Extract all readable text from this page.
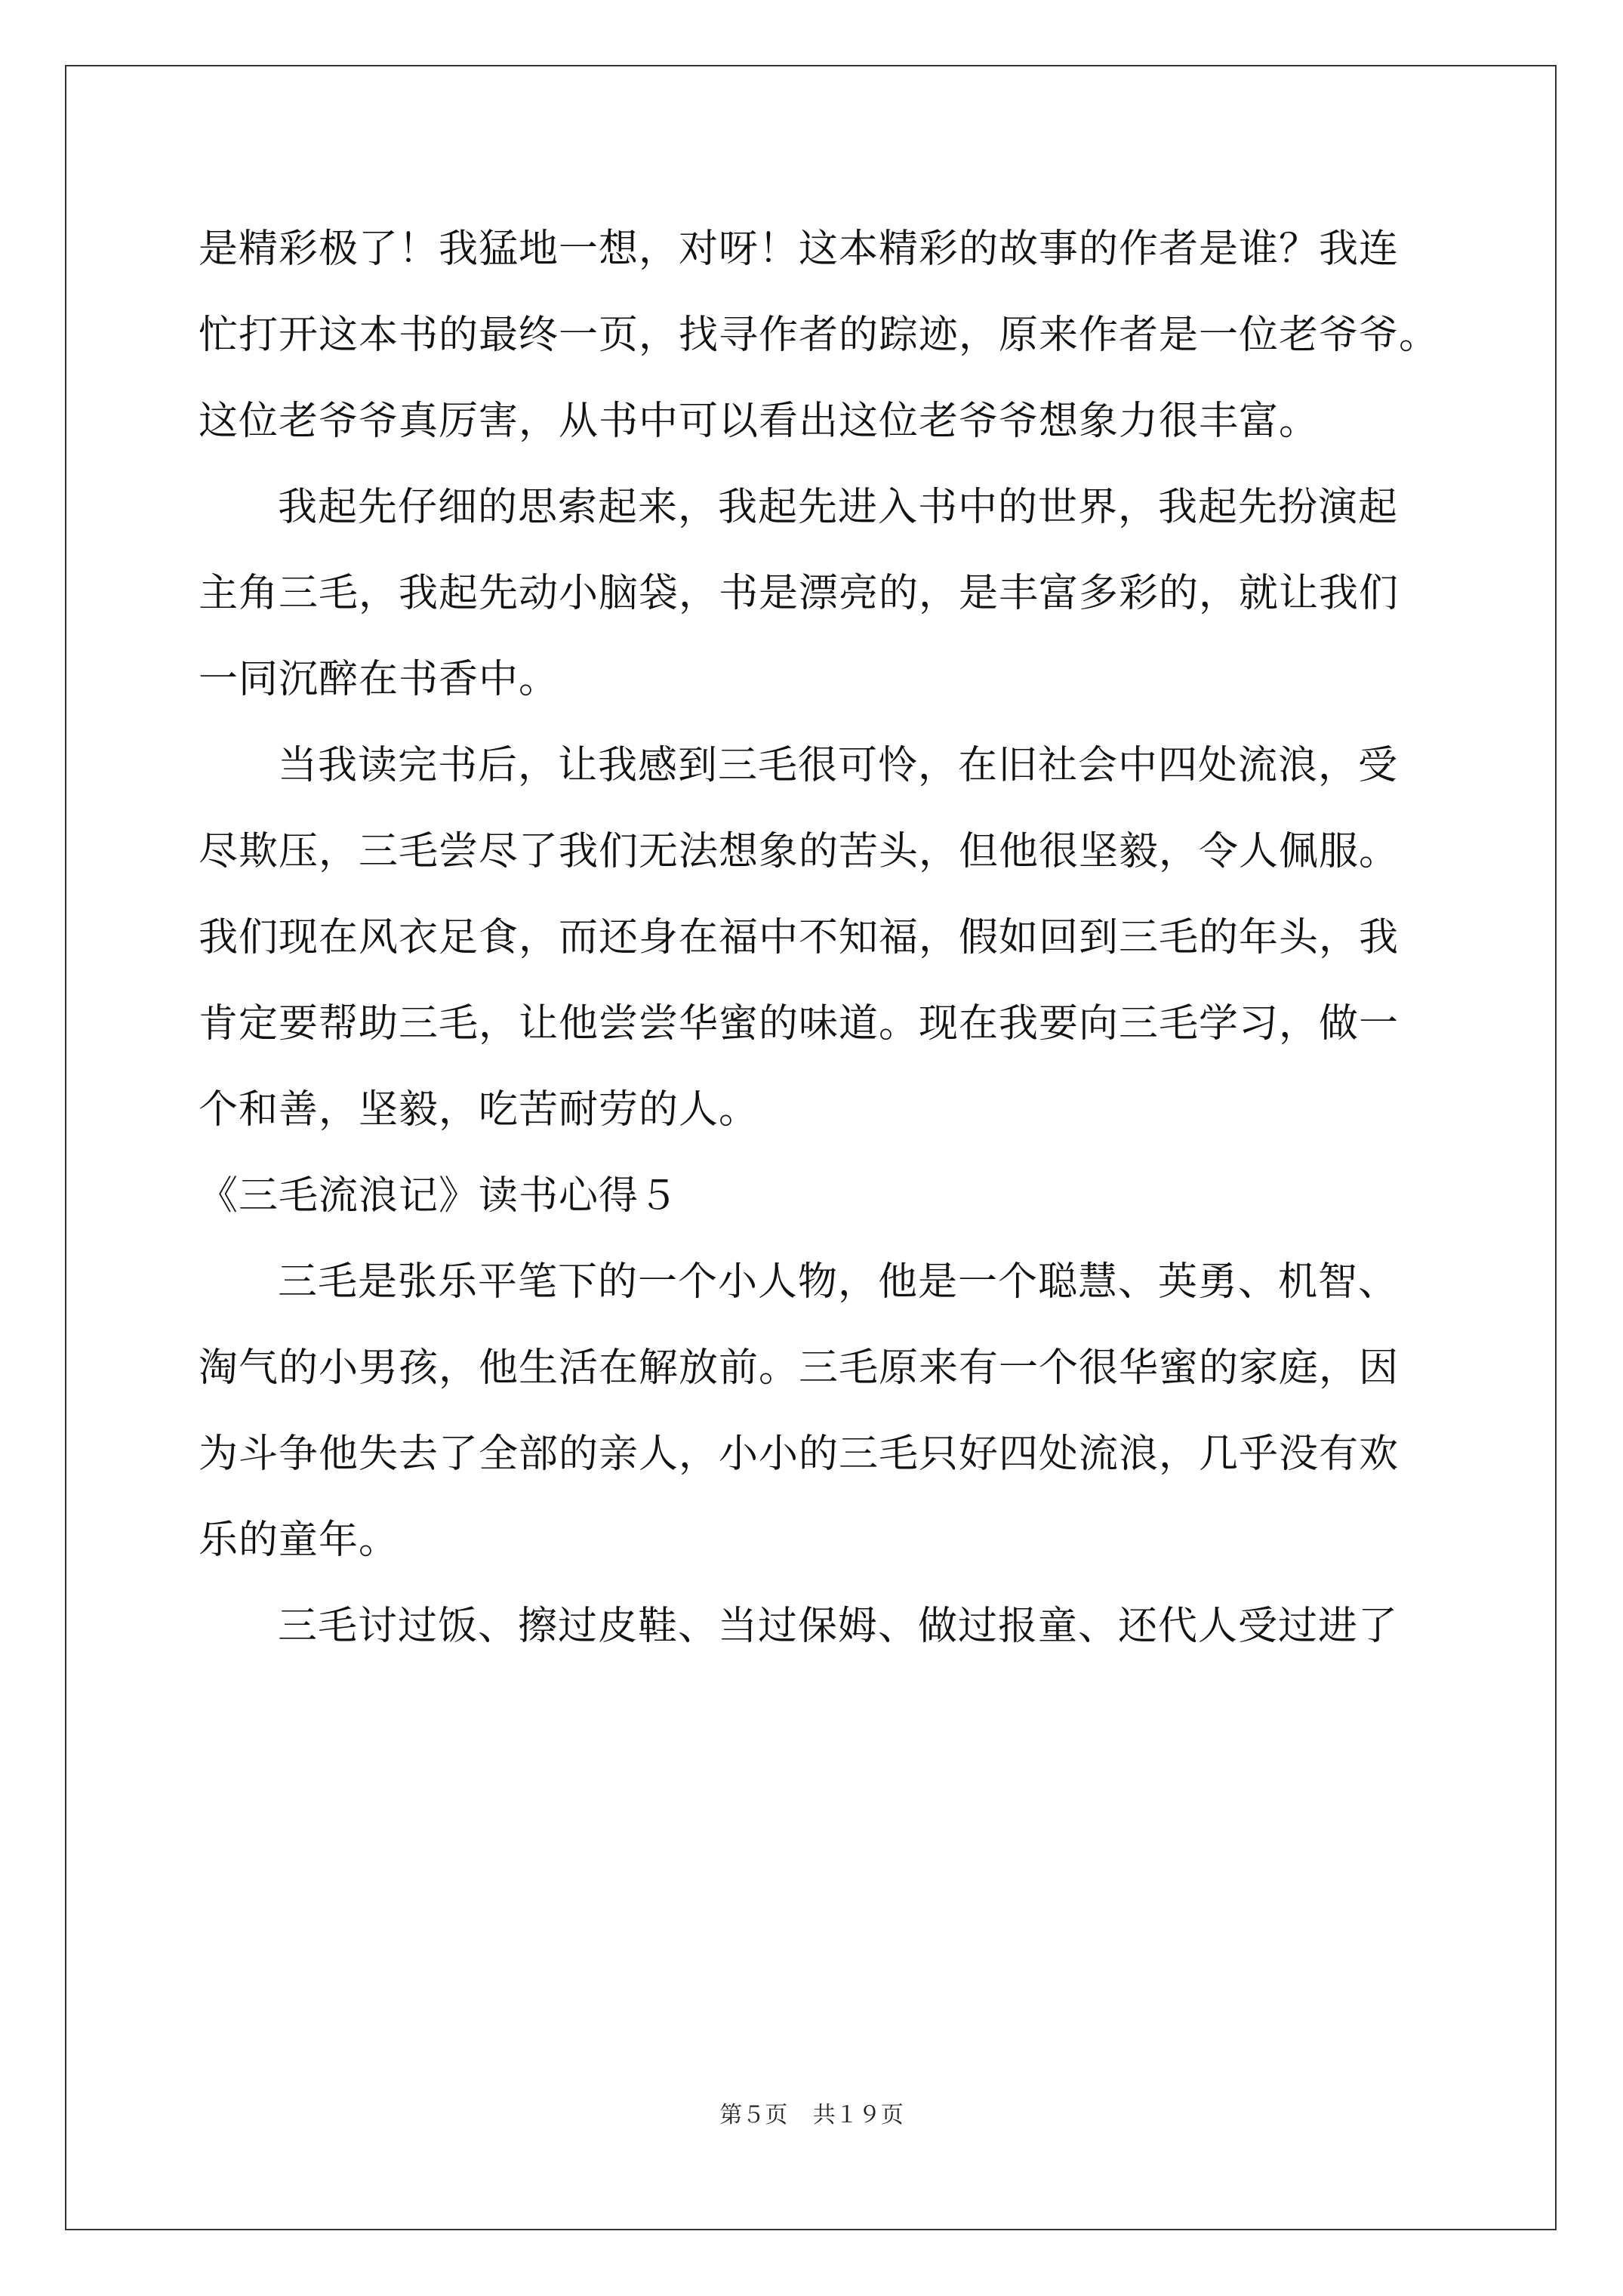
是精彩极了！我猛地一想，对呀！这本精彩的故事的作者是谁？我连
忙打开这本书的最终一页，找寻作者的踪迹，原来作者是一位老爷爷。
这位老爷爷真厉害，从书中可以看出这位老爷爷想象力很丰富。
我起先仔细的思索起来，我起先进入书中的世界，我起先扮演起
主角三毛，我起先动小脑袋，书是漂亮的，是丰富多彩的，就让我们
一同沉醉在书香中。
当我读完书后，让我感到三毛很可怜，在旧社会中四处流浪，受
尽欺压，三毛尝尽了我们无法想象的苦头，但他很坚毅，令人佩服。
我们现在风衣足食，而还身在福中不知福，假如回到三毛的年头，我
肯定要帮助三毛，让他尝尝华蜜的味道。现在我要向三毛学习，做一
个和善，坚毅，吃苦耐劳的人。
《三毛流浪记》读书心得５
三毛是张乐平笔下的一个小人物，他是一个聪慧、英勇、机智、
淘气的小男孩，他生活在解放前。三毛原来有一个很华蜜的家庭，因
为斗争他失去了全部的亲人，小小的三毛只好四处流浪，几乎没有欢
乐的童年。
三毛讨过饭、擦过皮鞋、当过保姆、做过报童、还代人受过进了
第５页 共１９页
